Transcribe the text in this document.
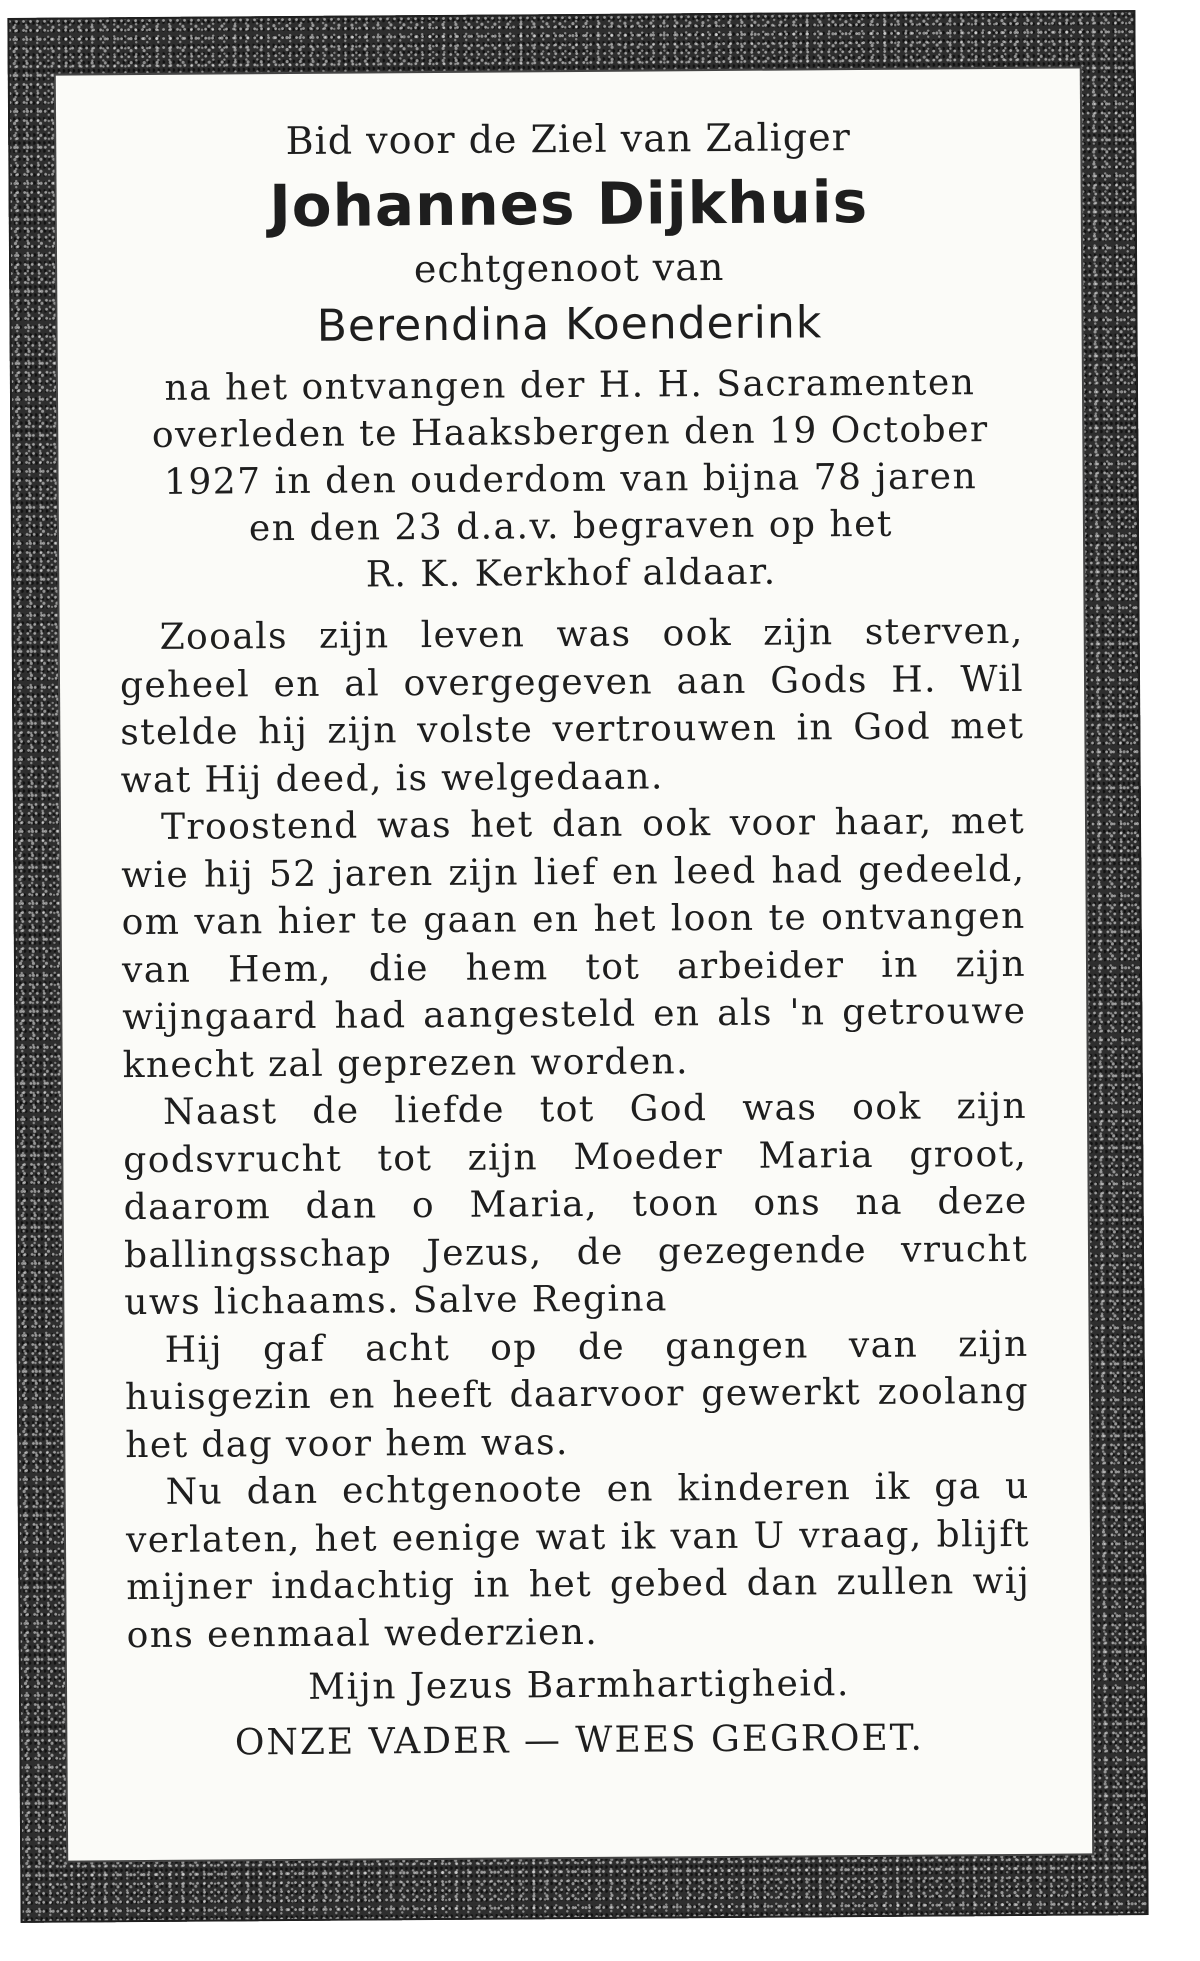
Bid voor de Ziel van Zaliger

Johannes Dijkhuis

echtgenoot van

Berendina Koenderink

na het ontvangen der H. H. Sacramenten
overleden te Haaksbergen den 19 October
1927 in den ouderdom van bijna 78 jaren
en den 23 d.a.v. begraven op het
R. K. Kerkhof aldaar.

Zooals zijn leven was ook zijn sterven, geheel en al overgegeven aan Gods H. Wil stelde hij zijn volste vertrouwen in God met wat Hij deed, is welgedaan.

Troostend was het dan ook voor haar, met wie hij 52 jaren zijn lief en leed had gedeeld, om van hier te gaan en het loon te ontvangen van Hem, die hem tot arbeider in zijn wijngaard had aangesteld en als 'n getrouwe knecht zal geprezen worden.

Naast de liefde tot God was ook zijn godsvrucht tot zijn Moeder Maria groot, daarom dan o Maria, toon ons na deze ballingsschap Jezus, de gezegende vrucht uws lichaams. Salve Regina

Hij gaf acht op de gangen van zijn huisgezin en heeft daarvoor gewerkt zoolang het dag voor hem was.

Nu dan echtgenoote en kinderen ik ga u verlaten, het eenige wat ik van U vraag, blijft mijner indachtig in het gebed dan zullen wij ons eenmaal wederzien.

Mijn Jezus Barmhartigheid.

ONZE VADER — WEES GEGROET.
